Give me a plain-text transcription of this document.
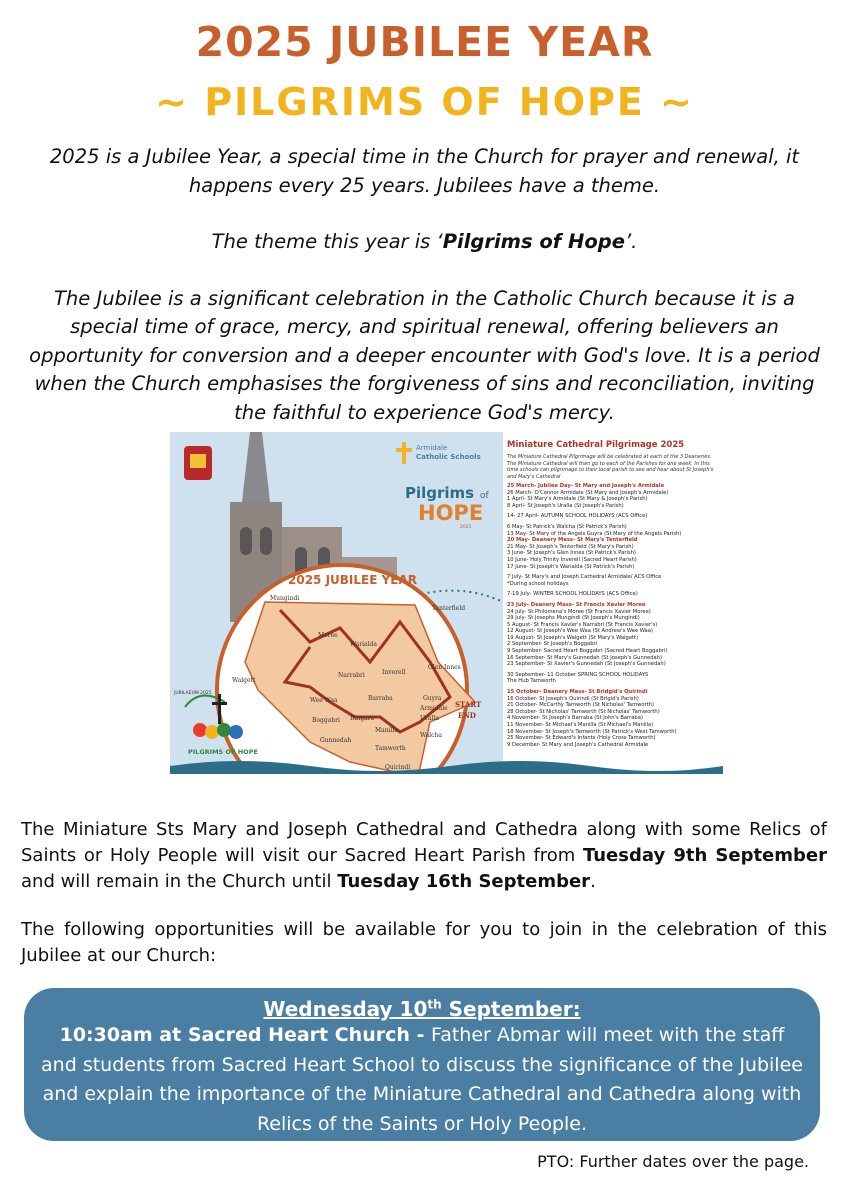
2025 JUBILEE YEAR
~ PILGRIMS OF HOPE ~

2025 is a Jubilee Year, a special time in the Church for prayer and renewal, it happens every 25 years. Jubilees have a theme.

The theme this year is ‘Pilgrims of Hope’.

The Jubilee is a significant celebration in the Catholic Church because it is a special time of grace, mercy, and spiritual renewal, offering believers an opportunity for conversion and a deeper encounter with God's love. It is a period when the Church emphasises the forgiveness of sins and reconciliation, inviting the faithful to experience God's mercy.

2025 JUBILEE YEAR
Mungindi
Moree
Warialda
Tenterfield
Inverell
Glen Innes
Walgett
Narrabri
Wee Waa	Barraba	Guyra
Armidale
Uralla
Bingara
Boggabri
Manilla
Gunnedah
Walcha
Tamworth
Quirindi
START
END
PILGRIMS OF HOPE
JUBILAEUM 2025
Armidale
Catholic Schools
Pilgrims of
HOPE
2025
Miniature Cathedral Pilgrimage 2025
The Miniature Cathedral Pilgrimage will be celebrated at each of the 3 Deaneries. The Miniature Cathedral will then go to each of the Parishes for one week. In this time schools can pilgrimage to their local parish to see and hear about St Joseph's and Mary's Cathedral
25 March- Jubilee Day- St Mary and Joseph's Armidale
26 March- O'Connor Armidale (St Mary and Joseph's Armidale)
1 April- St Mary's Armidale (St Mary & Joseph's Parish)
8 April- St Joseph's Uralla (St Joseph's Parish)
14- 27 April- AUTUMN SCHOOL HOLIDAYS (ACS Office)
6 May- St Patrick's Walcha (St Patrick's Parish)
13 May- St Mary of the Angels Guyra (St Mary of the Angels Parish)
20 May- Deanery Mass- St Mary's Tenterfield
21 May- St Joseph's Tenterfield (St Mary's Parish)
3 June- St Joseph's Glen Innes (St Patrick's Parish)
10 June- Holy Trinity Inverell (Sacred Heart Parish)
17 June- St Joseph's Warialda (St Patrick's Parish)
7 July- St Mary's and Joseph Cathedral Armidale/ ACS Office
*During school holidays
7-19 July- WINTER SCHOOL HOLIDAYS (ACS Office)
23 July- Deanery Mass- St Francis Xavier Moree
24 July- St Philomena's Moree (St Francis Xavier Moree)
29 July- St Josephs Mungindi (St Joseph's Mungindi)
5 August- St Francis Xavier's Narrabri (St Francis Xavier's)
12 August- St Joseph's Wee Waa (St Andrew's Wee Waa)
19 August- St Joseph's Walgett (St Mary's Walgett)
2 September- St Joseph's Boggabri
9 September- Sacred Heart Boggabri (Sacred Heart Boggabri)
16 September- St Mary's Gunnedah (St Joseph's Gunnedah)
23 September- St Xavier's Gunnedah (St Joseph's Gunnedah)
30 September- 11 October SPRING SCHOOL HOLIDAYS
The Hub Tamworth
15 October- Deanery Mass- St Bridgid's Quirindi
16 October- St Joseph's Quirindi (St Brigid's Parish)
21 October- McCarthy Tamworth (St Nicholas' Tamworth)
28 October- St Nicholas' Tamworth (St Nicholas' Tamworth)
4 November- St Joseph's Barraba (St John's Barraba)
11 November- St Michael's Manilla (St Michael's Manilla)
18 November- St Joseph's Tamworth (St Patrick's West Tamworth)
25 November- St Edward's Infants (Holy Cross Tamworth)
9 December- St Mary and Joseph's Cathedral Armidale

The Miniature Sts Mary and Joseph Cathedral and Cathedra along with some Relics of Saints or Holy People will visit our Sacred Heart Parish from Tuesday 9th September and will remain in the Church until Tuesday 16th September.

The following opportunities will be available for you to join in the celebration of this Jubilee at our Church:

Wednesday 10th September:
10:30am at Sacred Heart Church - Father Abmar will meet with the staff and students from Sacred Heart School to discuss the significance of the Jubilee and explain the importance of the Miniature Cathedral and Cathedra along with Relics of the Saints or Holy People.
PTO: Further dates over the page.
